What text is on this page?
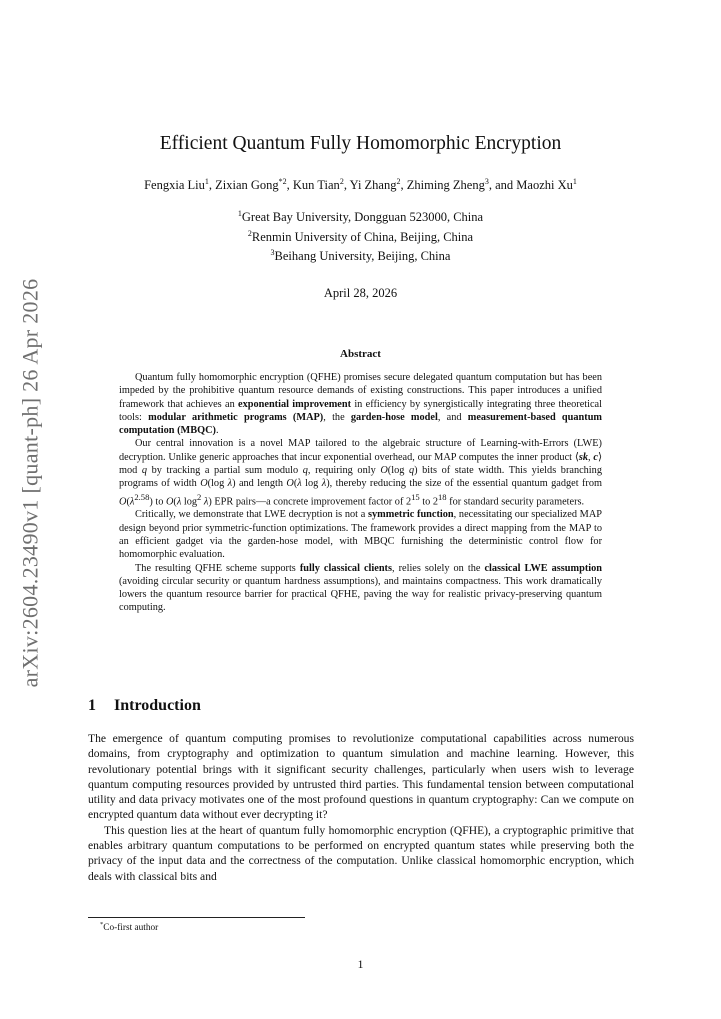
arXiv:2604.23490v1 [quant-ph] 26 Apr 2026
Efficient Quantum Fully Homomorphic Encryption
Fengxia Liu$^1$, Zixian Gong$^{*2}$, Kun Tian$^2$, Yi Zhang$^2$, Zhiming Zheng$^3$, and Maozhi Xu$^1$
$^1$Great Bay University, Dongguan 523000, China
$^2$Renmin University of China, Beijing, China
$^3$Beihang University, Beijing, China
April 28, 2026
Abstract

Quantum fully homomorphic encryption (QFHE) promises secure delegated quantum computation but has been impeded by the prohibitive quantum resource demands of existing constructions. This paper introduces a unified framework that achieves an exponential improvement in efficiency by synergistically integrating three theoretical tools: modular arithmetic programs (MAP), the garden-hose model, and measurement-based quantum computation (MBQC).

Our central innovation is a novel MAP tailored to the algebraic structure of Learning-with-Errors (LWE) decryption. Unlike generic approaches that incur exponential overhead, our MAP computes the inner product ⟨sk, c⟩ mod q by tracking a partial sum modulo q, requiring only O(log q) bits of state width. This yields branching programs of width O(log λ) and length O(λ log λ), thereby reducing the size of the essential quantum gadget from $O(\lambda^{2.58})$ to O(λ $\log^2 \lambda$) EPR pairs—a concrete improvement factor of $2^{15}$ to $2^{18}$ for standard security parameters.

Critically, we demonstrate that LWE decryption is not a symmetric function, necessitating our specialized MAP design beyond prior symmetric-function optimizations. The framework provides a direct mapping from the MAP to an efficient gadget via the garden-hose model, with MBQC furnishing the deterministic control flow for homomorphic evaluation.

The resulting QFHE scheme supports fully classical clients, relies solely on the classical LWE assumption (avoiding circular security or quantum hardness assumptions), and maintains compactness. This work dramatically lowers the quantum resource barrier for practical QFHE, paving the way for realistic privacy-preserving quantum computing.

1 Introduction

The emergence of quantum computing promises to revolutionize computational capabilities across numerous domains, from cryptography and optimization to quantum simulation and machine learning. However, this revolutionary potential brings with it significant security challenges, particularly when users wish to leverage quantum computing resources provided by untrusted third parties. This fundamental tension between computational utility and data privacy motivates one of the most profound questions in quantum cryptography: Can we compute on encrypted quantum data without ever decrypting it?

This question lies at the heart of quantum fully homomorphic encryption (QFHE), a cryptographic primitive that enables arbitrary quantum computations to be performed on encrypted quantum states while preserving both the privacy of the input data and the correctness of the computation. Unlike classical homomorphic encryption, which deals with classical bits and

*Co-first author
1
